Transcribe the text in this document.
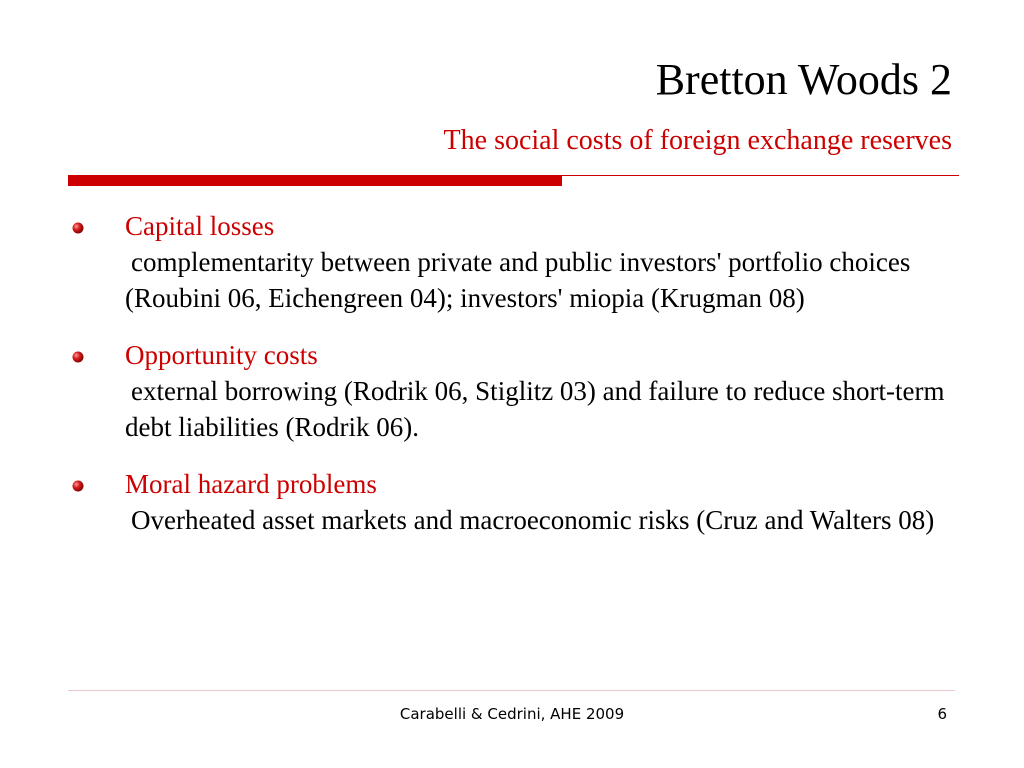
Bretton Woods 2
The social costs of foreign exchange reserves
Capital losses
complementarity between private and public investors' portfolio choices (Roubini 06, Eichengreen 04); investors' miopia (Krugman 08)
Opportunity costs
external borrowing (Rodrik 06, Stiglitz 03) and failure to reduce short-term debt liabilities (Rodrik 06).
Moral hazard problems
Overheated asset markets and macroeconomic risks (Cruz and Walters 08)
Carabelli & Cedrini, AHE 2009	6
